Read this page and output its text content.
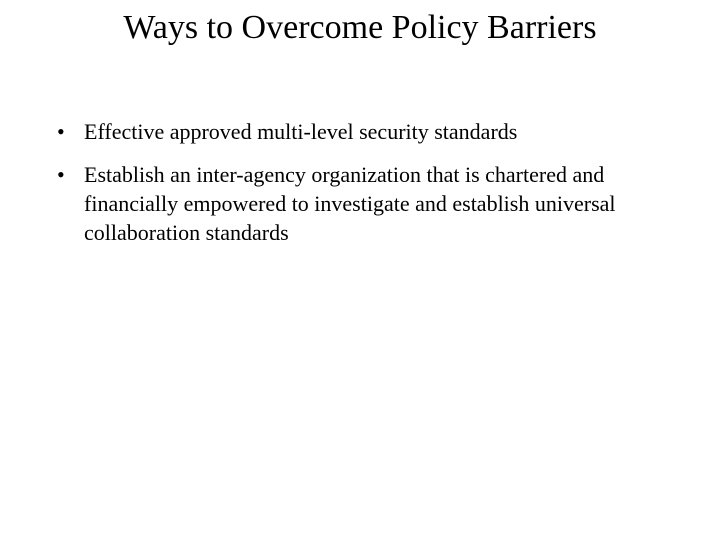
Ways to Overcome Policy Barriers
• Effective approved multi-level security standards
• Establish an inter-agency organization that is chartered and financially empowered to investigate and establish universal collaboration standards
